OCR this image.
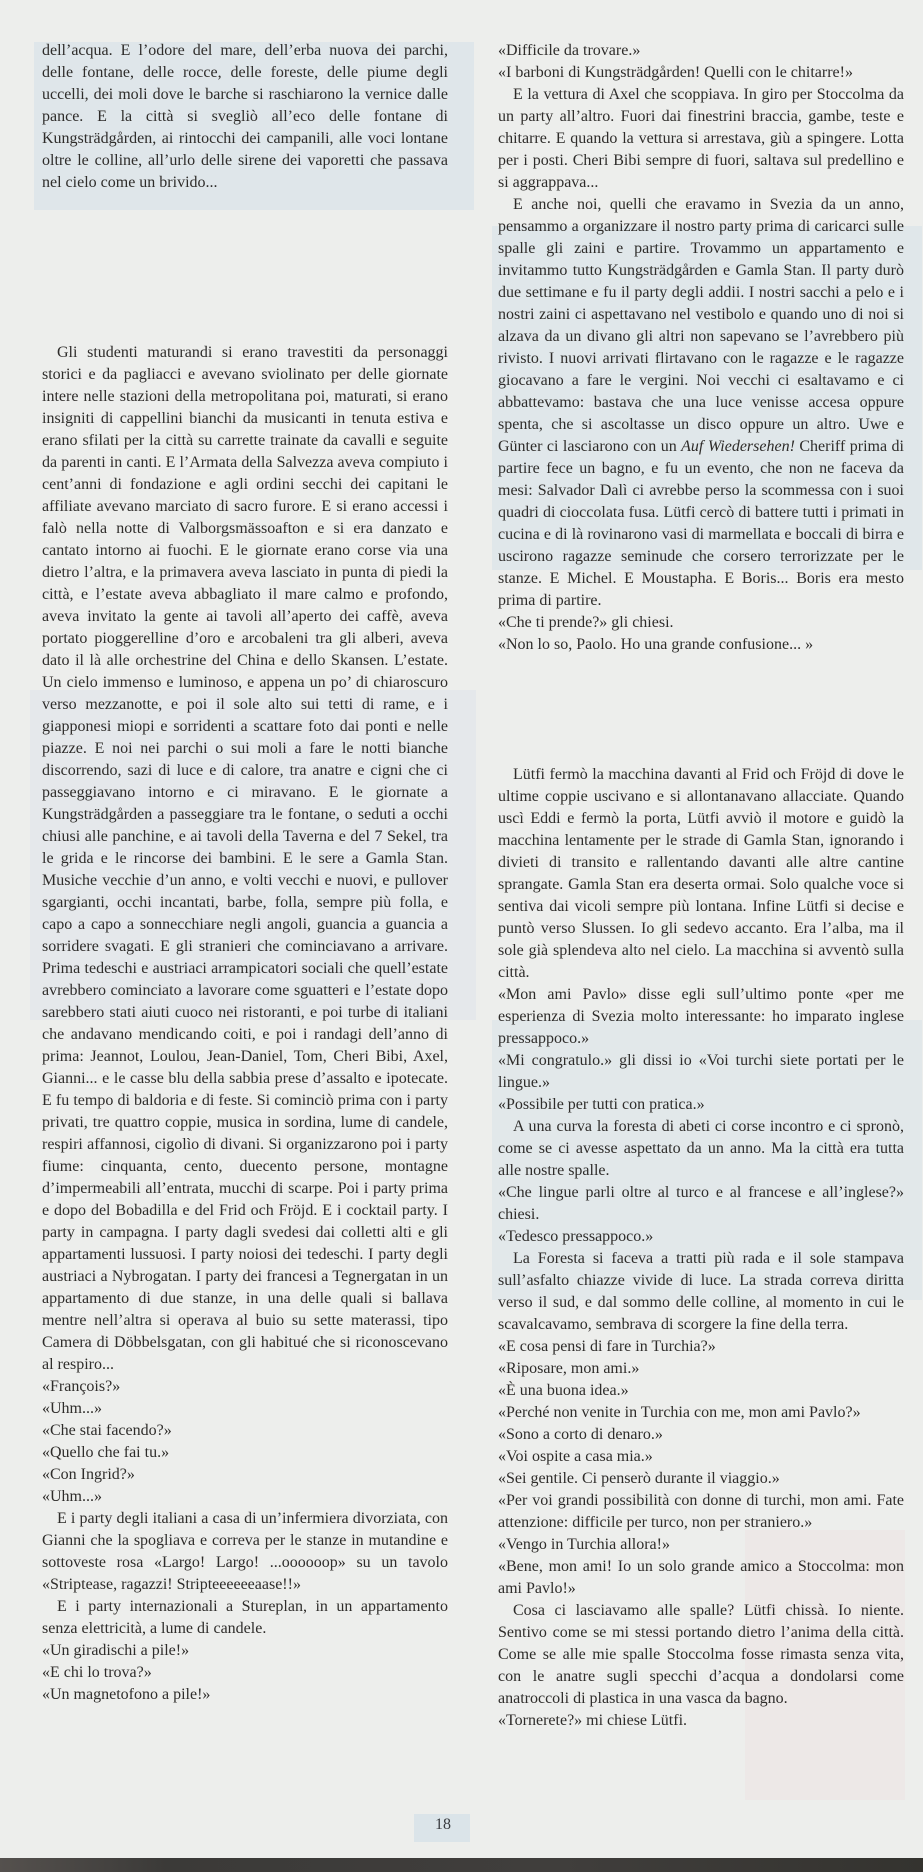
dell’acqua. E l’odore del mare, dell’erba nuova dei parchi, delle fontane, delle rocce, delle foreste, delle piume degli uccelli, dei moli dove le barche si raschiarono la vernice dalle pance. E la città si svegliò all’eco delle fontane di Kungsträdgården, ai rintocchi dei campanili, alle voci lontane oltre le colline, all’urlo delle sirene dei vaporetti che passava nel cielo come un brivido...
Gli studenti maturandi si erano travestiti da personaggi storici e da pagliacci e avevano sviolinato per delle giornate intere nelle stazioni della metropolitana poi, maturati, si erano insigniti di cappellini bianchi da musicanti in tenuta estiva e erano sfilati per la città su carrette trainate da cavalli e seguite da parenti in canti. E l’Armata della Salvezza aveva compiuto i cent’anni di fondazione e agli ordini secchi dei capitani le affiliate avevano marciato di sacro furore. E si erano accessi i falò nella notte di Valborgsmässoafton e si era danzato e cantato intorno ai fuochi. E le giornate erano corse via una dietro l’altra, e la primavera aveva lasciato in punta di piedi la città, e l’estate aveva abbagliato il mare calmo e profondo, aveva invitato la gente ai tavoli all’aperto dei caffè, aveva portato pioggerelline d’oro e arcobaleni tra gli alberi, aveva dato il là alle orchestrine del China e dello Skansen. L’estate. Un cielo immenso e luminoso, e appena un po’ di chiaroscuro verso mezzanotte, e poi il sole alto sui tetti di rame, e i giapponesi miopi e sorridenti a scattare foto dai ponti e nelle piazze. E noi nei parchi o sui moli a fare le notti bianche discorrendo, sazi di luce e di calore, tra anatre e cigni che ci passeggiavano intorno e ci miravano. E le giornate a Kungsträdgården a passeggiare tra le fontane, o seduti a occhi chiusi alle panchine, e ai tavoli della Taverna e del 7 Sekel, tra le grida e le rincorse dei bambini. E le sere a Gamla Stan. Musiche vecchie d’un anno, e volti vecchi e nuovi, e pullover sgargianti, occhi incantati, barbe, folla, sempre più folla, e capo a capo a sonnecchiare negli angoli, guancia a guancia a sorridere svagati. E gli stranieri che cominciavano a arrivare. Prima tedeschi e austriaci arrampicatori sociali che quell’estate avrebbero cominciato a lavorare come sguatteri e l’estate dopo sarebbero stati aiuti cuoco nei ristoranti, e poi turbe di italiani che andavano mendicando coiti, e poi i randagi dell’anno di prima: Jeannot, Loulou, Jean-Daniel, Tom, Cheri Bibi, Axel, Gianni... e le casse blu della sabbia prese d’assalto e ipotecate. E fu tempo di baldoria e di feste. Si cominciò prima con i party privati, tre quattro coppie, musica in sordina, lume di candele, respiri affannosi, cigolìo di divani. Si organizzarono poi i party fiume: cinquanta, cento, duecento persone, montagne d’impermeabili all’entrata, mucchi di scarpe. Poi i party prima e dopo del Bobadilla e del Frid och Fröjd. E i cocktail party. I party in campagna. I party dagli svedesi dai colletti alti e gli appartamenti lussuosi. I party noiosi dei tedeschi. I party degli austriaci a Nybrogatan. I party dei francesi a Tegnergatan in un appartamento di due stanze, in una delle quali si ballava mentre nell’altra si operava al buio su sette materassi, tipo Camera di Döbbelsgatan, con gli habitué che si riconoscevano al respiro...
«François?»
«Uhm...»
«Che stai facendo?»
«Quello che fai tu.»
«Con Ingrid?»
«Uhm...»
E i party degli italiani a casa di un’infermiera divorziata, con Gianni che la spogliava e correva per le stanze in mutandine e sottoveste rosa «Largo! Largo! ...oooooop» su un tavolo «Striptease, ragazzi! Stripteeeeeeaase!!»
E i party internazionali a Stureplan, in un appartamento senza elettricità, a lume di candele.
«Un giradischi a pile!»
«E chi lo trova?»
«Un magnetofono a pile!»
«Difficile da trovare.»
«I barboni di Kungsträdgården! Quelli con le chitarre!»
E la vettura di Axel che scoppiava. In giro per Stoccolma da un party all’altro. Fuori dai finestrini braccia, gambe, teste e chitarre. E quando la vettura si arrestava, giù a spingere. Lotta per i posti. Cheri Bibi sempre di fuori, saltava sul predellino e si aggrappava...
E anche noi, quelli che eravamo in Svezia da un anno, pensammo a organizzare il nostro party prima di caricarci sulle spalle gli zaini e partire. Trovammo un appartamento e invitammo tutto Kungsträdgården e Gamla Stan. Il party durò due settimane e fu il party degli addii. I nostri sacchi a pelo e i nostri zaini ci aspettavano nel vestibolo e quando uno di noi si alzava da un divano gli altri non sapevano se l’avrebbero più rivisto. I nuovi arrivati flirtavano con le ragazze e le ragazze giocavano a fare le vergini. Noi vecchi ci esaltavamo e ci abbattevamo: bastava che una luce venisse accesa oppure spenta, che si ascoltasse un disco oppure un altro. Uwe e Günter ci lasciarono con un Auf Wiedersehen! Cheriff prima di partire fece un bagno, e fu un evento, che non ne faceva da mesi: Salvador Dalì ci avrebbe perso la scommessa con i suoi quadri di cioccolata fusa. Lütfi cercò di battere tutti i primati in cucina e di là rovinarono vasi di marmellata e boccali di birra e uscirono ragazze seminude che corsero terrorizzate per le stanze. E Michel. E Moustapha. E Boris... Boris era mesto prima di partire.
«Che ti prende?» gli chiesi.
«Non lo so, Paolo. Ho una grande confusione... »
Lütfi fermò la macchina davanti al Frid och Fröjd di dove le ultime coppie uscivano e si allontanavano allacciate. Quando uscì Eddi e fermò la porta, Lütfi avviò il motore e guidò la macchina lentamente per le strade di Gamla Stan, ignorando i divieti di transito e rallentando davanti alle altre cantine sprangate. Gamla Stan era deserta ormai. Solo qualche voce si sentiva dai vicoli sempre più lontana. Infine Lütfi si decise e puntò verso Slussen. Io gli sedevo accanto. Era l’alba, ma il sole già splendeva alto nel cielo. La macchina si avventò sulla città.
«Mon ami Pavlo» disse egli sull’ultimo ponte «per me esperienza di Svezia molto interessante: ho imparato inglese pressappoco.»
«Mi congratulo.» gli dissi io «Voi turchi siete portati per le lingue.»
«Possibile per tutti con pratica.»
A una curva la foresta di abeti ci corse incontro e ci spronò, come se ci avesse aspettato da un anno. Ma la città era tutta alle nostre spalle.
«Che lingue parli oltre al turco e al francese e all’inglese?» chiesi.
«Tedesco pressappoco.»
La Foresta si faceva a tratti più rada e il sole stampava sull’asfalto chiazze vivide di luce. La strada correva diritta verso il sud, e dal sommo delle colline, al momento in cui le scavalcavamo, sembrava di scorgere la fine della terra.
«E cosa pensi di fare in Turchia?»
«Riposare, mon ami.»
«È una buona idea.»
«Perché non venite in Turchia con me, mon ami Pavlo?»
«Sono a corto di denaro.»
«Voi ospite a casa mia.»
«Sei gentile. Ci penserò durante il viaggio.»
«Per voi grandi possibilità con donne di turchi, mon ami. Fate attenzione: difficile per turco, non per straniero.»
«Vengo in Turchia allora!»
«Bene, mon ami! Io un solo grande amico a Stoccolma: mon ami Pavlo!»
Cosa ci lasciavamo alle spalle? Lütfi chissà. Io niente. Sentivo come se mi stessi portando dietro l’anima della città. Come se alle mie spalle Stoccolma fosse rimasta senza vita, con le anatre sugli specchi d’acqua a dondolarsi come anatroccoli di plastica in una vasca da bagno.
«Tornerete?» mi chiese Lütfi.
18
